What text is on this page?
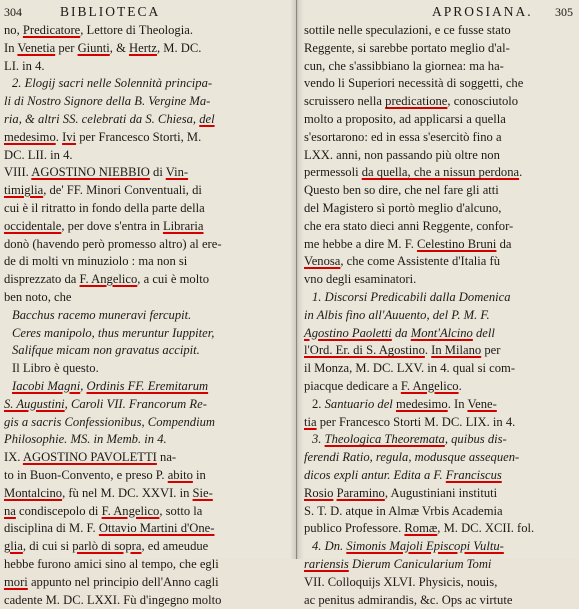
304	BIBLIOTECA
no, Predicatore, Lettore di Theologia.
In Venetia per Giunti, & Hertz, M. DC.
LI. in 4.
2. Elogij sacri nelle Solennità principa-
li di Nostro Signore della B. Vergine Ma-
ria, & altri SS. celebrati da S. Chiesa, del
medesimo. Ivi per Francesco Storti, M.
DC. LII. in 4.
VIII. AGOSTINO NIEBBIO di Vin-
timiglia, de' FF. Minori Conventuali, di
cui è il ritratto in fondo della parte della
occidentale, per dove s'entra in Libraria
donò (havendo però promesso altro) al ere-
de di molti vn minuziolo : ma non si
disprezzato da F. Angelico, a cui è molto
ben noto, che
Bacchus racemo muneravi fercupit.
Ceres manipolo, thus meruntur Iuppiter,
Salifque micam non gravatus accipit.
Il Libro è questo.
Iacobi Magni, Ordinis FF. Eremitarum
S. Augustini, Caroli VII. Francorum Re-
gis a sacris Confessionibus, Compendium
Philosophie. MS. in Memb. in 4.
IX. AGOSTINO PAVOLETTI na-
to in Buon-Convento, e preso P. abito in
Montalcino, fù nel M. DC. XXVI. in Sie-
na condiscepolo di F. Angelico, sotto la
disciplina di M. F. Ottavio Martini d'One-
glia, di cui si parlò di sopra, ed ameudue
hebbe furono amici sino al tempo, che egli
mori appunto nel principio dell'Anno cagli
cadente M. DC. LXXI. Fù d'ingegno molto
APROSIANA. 305
sottile nelle speculazioni, e ce fusse stato
Reggente, si sarebbe portato meglio d'al-
cun, che s'assibbiano la giornea: ma ha-
vendo li Superiori necessità di soggetti, che
scruissero nella predicatione, conosciutolo
molto a proposito, ad applicarsi a quella
s'esortarono: ed in essa s'esercitò fino a
LXX. anni, non passando più oltre non
permessoli da quella, che a nissun perdona.
Questo ben so dire, che nel fare gli atti
del Magistero sì portò meglio d'alcuno,
che era stato dieci anni Reggente, confor-
me hebbe a dire M. F. Celestino Bruni da
Venosa, che come Assistente d'Italia fù
vno degli esaminatori.
1. Discorsi Predicabili dalla Domenica
in Albis fino all'Auuento, del P. M. F.
Agostino Paoletti da Mont'Alcino dell
l'Ord. Er. di S. Agostino. In Milano per
il Monza, M. DC. LXV. in 4. qual si com-
piacque dedicare a F. Angelico.
2. Santuario del medesimo. In Vene-
tia per Francesco Storti M. DC. LIX. in 4.
3. Theologica Theoremata, quibus dis-
ferendi Ratio, regula, modusque assequen-
dicos expli antur. Edita a F. Franciscus
Rosio Paramino, Augustiniani instituti
S. T. D. atque in Almæ Vrbis Academia
publico Professore. Romæ, M. DC. XCII. fol.
4. Dn. Simonis Majoli Episcopi Vultu-
rariensis Dierum Canicularium Tomi
VII. Colloquijs XLVI. Physicis, nouis,
ac penitus admirandis, &c. Ops ac virtute
